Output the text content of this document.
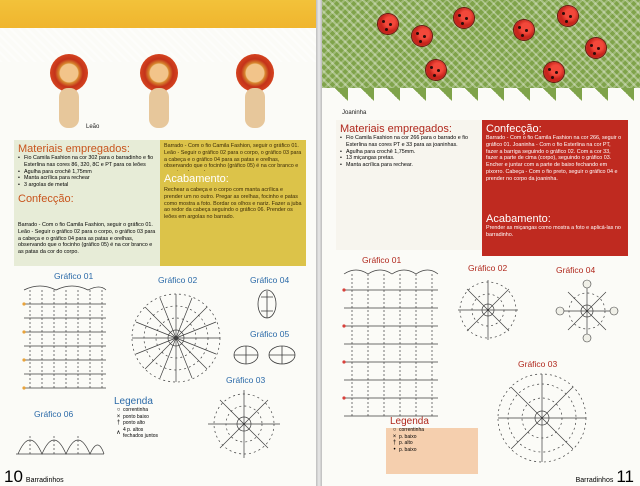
Leão

Materiais empregados:

• Fio Camila Fashion na cor 302 para o barradinho e fio Esterlina nas cores 86, 320, 8C e PT para os leões

• Agulha para crochê 1,75mm

• Manta acrílica para rechear

• 3 argolas de metal

Confecção:

Barrado - Com o fio Camila Fashion, seguir o gráfico 01. Leão - Seguir o gráfico 02 para o corpo, o gráfico 03 para a cabeça e o gráfico 04 para as patas e orelhas, observando que o focinho (gráfico 05) é na cor branco e as patas da cor do corpo.

Barrado - Com o fio Camila Fashion, seguir o gráfico 01. Leão - Seguir o gráfico 02 para o corpo, o gráfico 03 para a cabeça e o gráfico 04 para as patas e orelhas, observando que o focinho (gráfico 05) é na cor branco e

Acabamento:

Rechear a cabeça e o corpo com manta acrílica e prender um no outro. Pregar as orelhas, focinho e patas como mostra a foto. Bordar os olhos e nariz. Fazer a juba ao redor da cabeça seguindo o gráfico 06. Prender os leões em argolas no barrado.

Gráfico 01	Gráfico 02	Gráfico 04
Gráfico 05
Gráfico 03
Gráfico 06
Legenda
○ correntinha
× ponto baixo
† ponto alto
∧
4 p. altos fechados juntos
10 Barradinhos
Joaninha

Materiais empregados:

• Fio Camila Fashion na cor 266 para o barrado e fio Esterlina nas cores PT e 33 para as joaninhas.

• Agulha para crochê 1,75mm.

• 13 miçangas pretas.

• Manta acrílica para rechear.

Confecção:

Barrado - Com o fio Camila Fashion na cor 266, seguir o gráfico 01. Joaninha - Com o fio Esterlina na cor PT, fazer a barriga seguindo o gráfico 02. Com a cor 33, fazer a parte de cima (corpo), seguindo o gráfico 03. Encher e juntar com a parte de baixo fechando em pixorro. Cabeça - Com o fio preto, seguir o gráfico 04 e prender no corpo da joaninha.

Acabamento:

Prender as miçangas como mostra a foto e aplicá-las no barradinho.

Gráfico 01
Gráfico 02	Gráfico 04
Gráfico 03
Legenda
○ correntinha
× p. baixo
† p. alto
• p. baixo
Barradinhos 11
